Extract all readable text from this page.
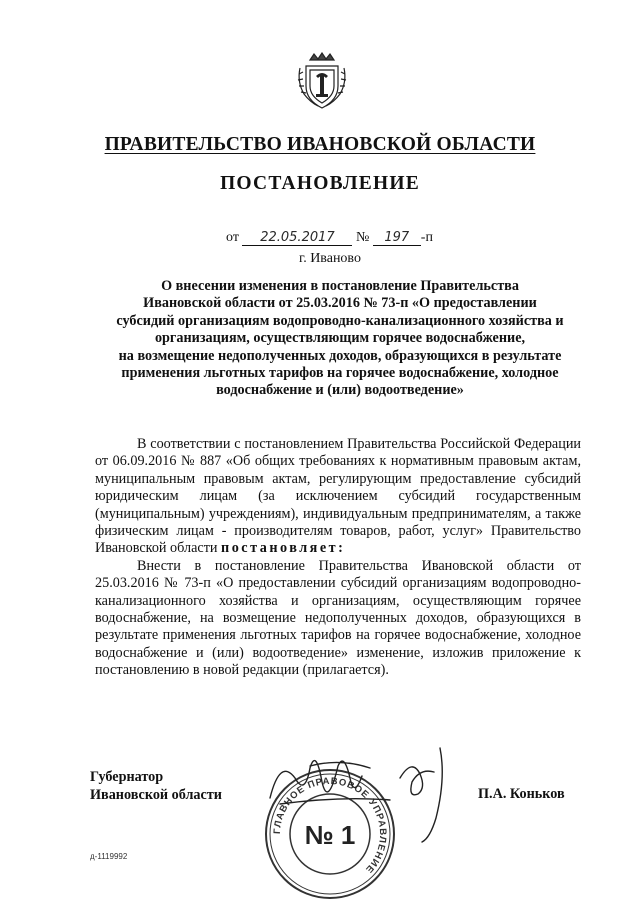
ПРАВИТЕЛЬСТВО ИВАНОВСКОЙ ОБЛАСТИ
ПОСТАНОВЛЕНИЕ
от 22.05.2017 № 197 -п
г. Иваново
О внесении изменения в постановление Правительства
Ивановской области от 25.03.2016 № 73-п «О предоставлении
субсидий организациям водопроводно-канализационного хозяйства и
организациям, осуществляющим горячее водоснабжение,
на возмещение недополученных доходов, образующихся в результате
применения льготных тарифов на горячее водоснабжение, холодное
водоснабжение и (или) водоотведение»

В соответствии с постановлением Правительства Российской Федерации от 06.09.2016 № 887 «Об общих требованиях к нормативным правовым актам, муниципальным правовым актам, регулирующим предоставление субсидий юридическим лицам (за исключением субсидий государственным (муниципальным) учреждениям), индивидуальным предпринимателям, а также физическим лицам - производителям товаров, работ, услуг» Правительство Ивановской области постановляет:

Внести в постановление Правительства Ивановской области от 25.03.2016 № 73-п «О предоставлении субсидий организациям водопроводно-канализационного хозяйства и организациям, осуществляющим горячее водоснабжение, на возмещение недополученных доходов, образующихся в результате применения льготных тарифов на горячее водоснабжение, холодное водоснабжение и (или) водоотведение» изменение, изложив приложение к постановлению в новой редакции (прилагается).

Губернатор
Ивановской области	П.А. Коньков
ГЛАВНОЕ ПРАВОВОЕ УПРАВЛЕНИЕ
№ 1
д-1119992
